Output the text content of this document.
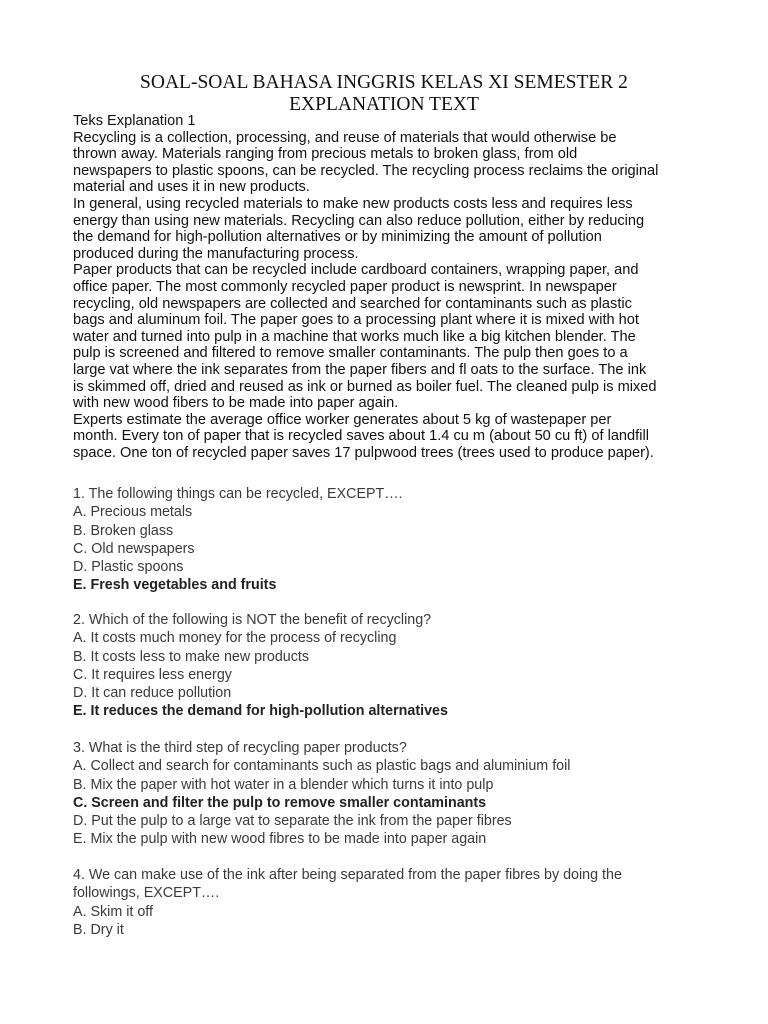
SOAL-SOAL BAHASA INGGRIS KELAS XI SEMESTER 2
EXPLANATION TEXT
Teks Explanation 1
Recycling is a collection, processing, and reuse of materials that would otherwise be
thrown away. Materials ranging from precious metals to broken glass, from old
newspapers to plastic spoons, can be recycled. The recycling process reclaims the original
material and uses it in new products.
In general, using recycled materials to make new products costs less and requires less
energy than using new materials. Recycling can also reduce pollution, either by reducing
the demand for high-pollution alternatives or by minimizing the amount of pollution
produced during the manufacturing process.
Paper products that can be recycled include cardboard containers, wrapping paper, and
office paper. The most commonly recycled paper product is newsprint. In newspaper
recycling, old newspapers are collected and searched for contaminants such as plastic
bags and aluminum foil. The paper goes to a processing plant where it is mixed with hot
water and turned into pulp in a machine that works much like a big kitchen blender. The
pulp is screened and filtered to remove smaller contaminants. The pulp then goes to a
large vat where the ink separates from the paper fibers and fl oats to the surface. The ink
is skimmed off, dried and reused as ink or burned as boiler fuel. The cleaned pulp is mixed
with new wood fibers to be made into paper again.
Experts estimate the average office worker generates about 5 kg of wastepaper per
month. Every ton of paper that is recycled saves about 1.4 cu m (about 50 cu ft) of landfill
space. One ton of recycled paper saves 17 pulpwood trees (trees used to produce paper).
1. The following things can be recycled, EXCEPT….
A. Precious metals
B. Broken glass
C. Old newspapers
D. Plastic spoons
E. Fresh vegetables and fruits
2. Which of the following is NOT the benefit of recycling?
A. It costs much money for the process of recycling
B. It costs less to make new products
C. It requires less energy
D. It can reduce pollution
E. It reduces the demand for high-pollution alternatives
3. What is the third step of recycling paper products?
A. Collect and search for contaminants such as plastic bags and aluminium foil
B. Mix the paper with hot water in a blender which turns it into pulp
C. Screen and filter the pulp to remove smaller contaminants
D. Put the pulp to a large vat to separate the ink from the paper fibres
E. Mix the pulp with new wood fibres to be made into paper again
4. We can make use of the ink after being separated from the paper fibres by doing the
followings, EXCEPT….
A. Skim it off
B. Dry it
